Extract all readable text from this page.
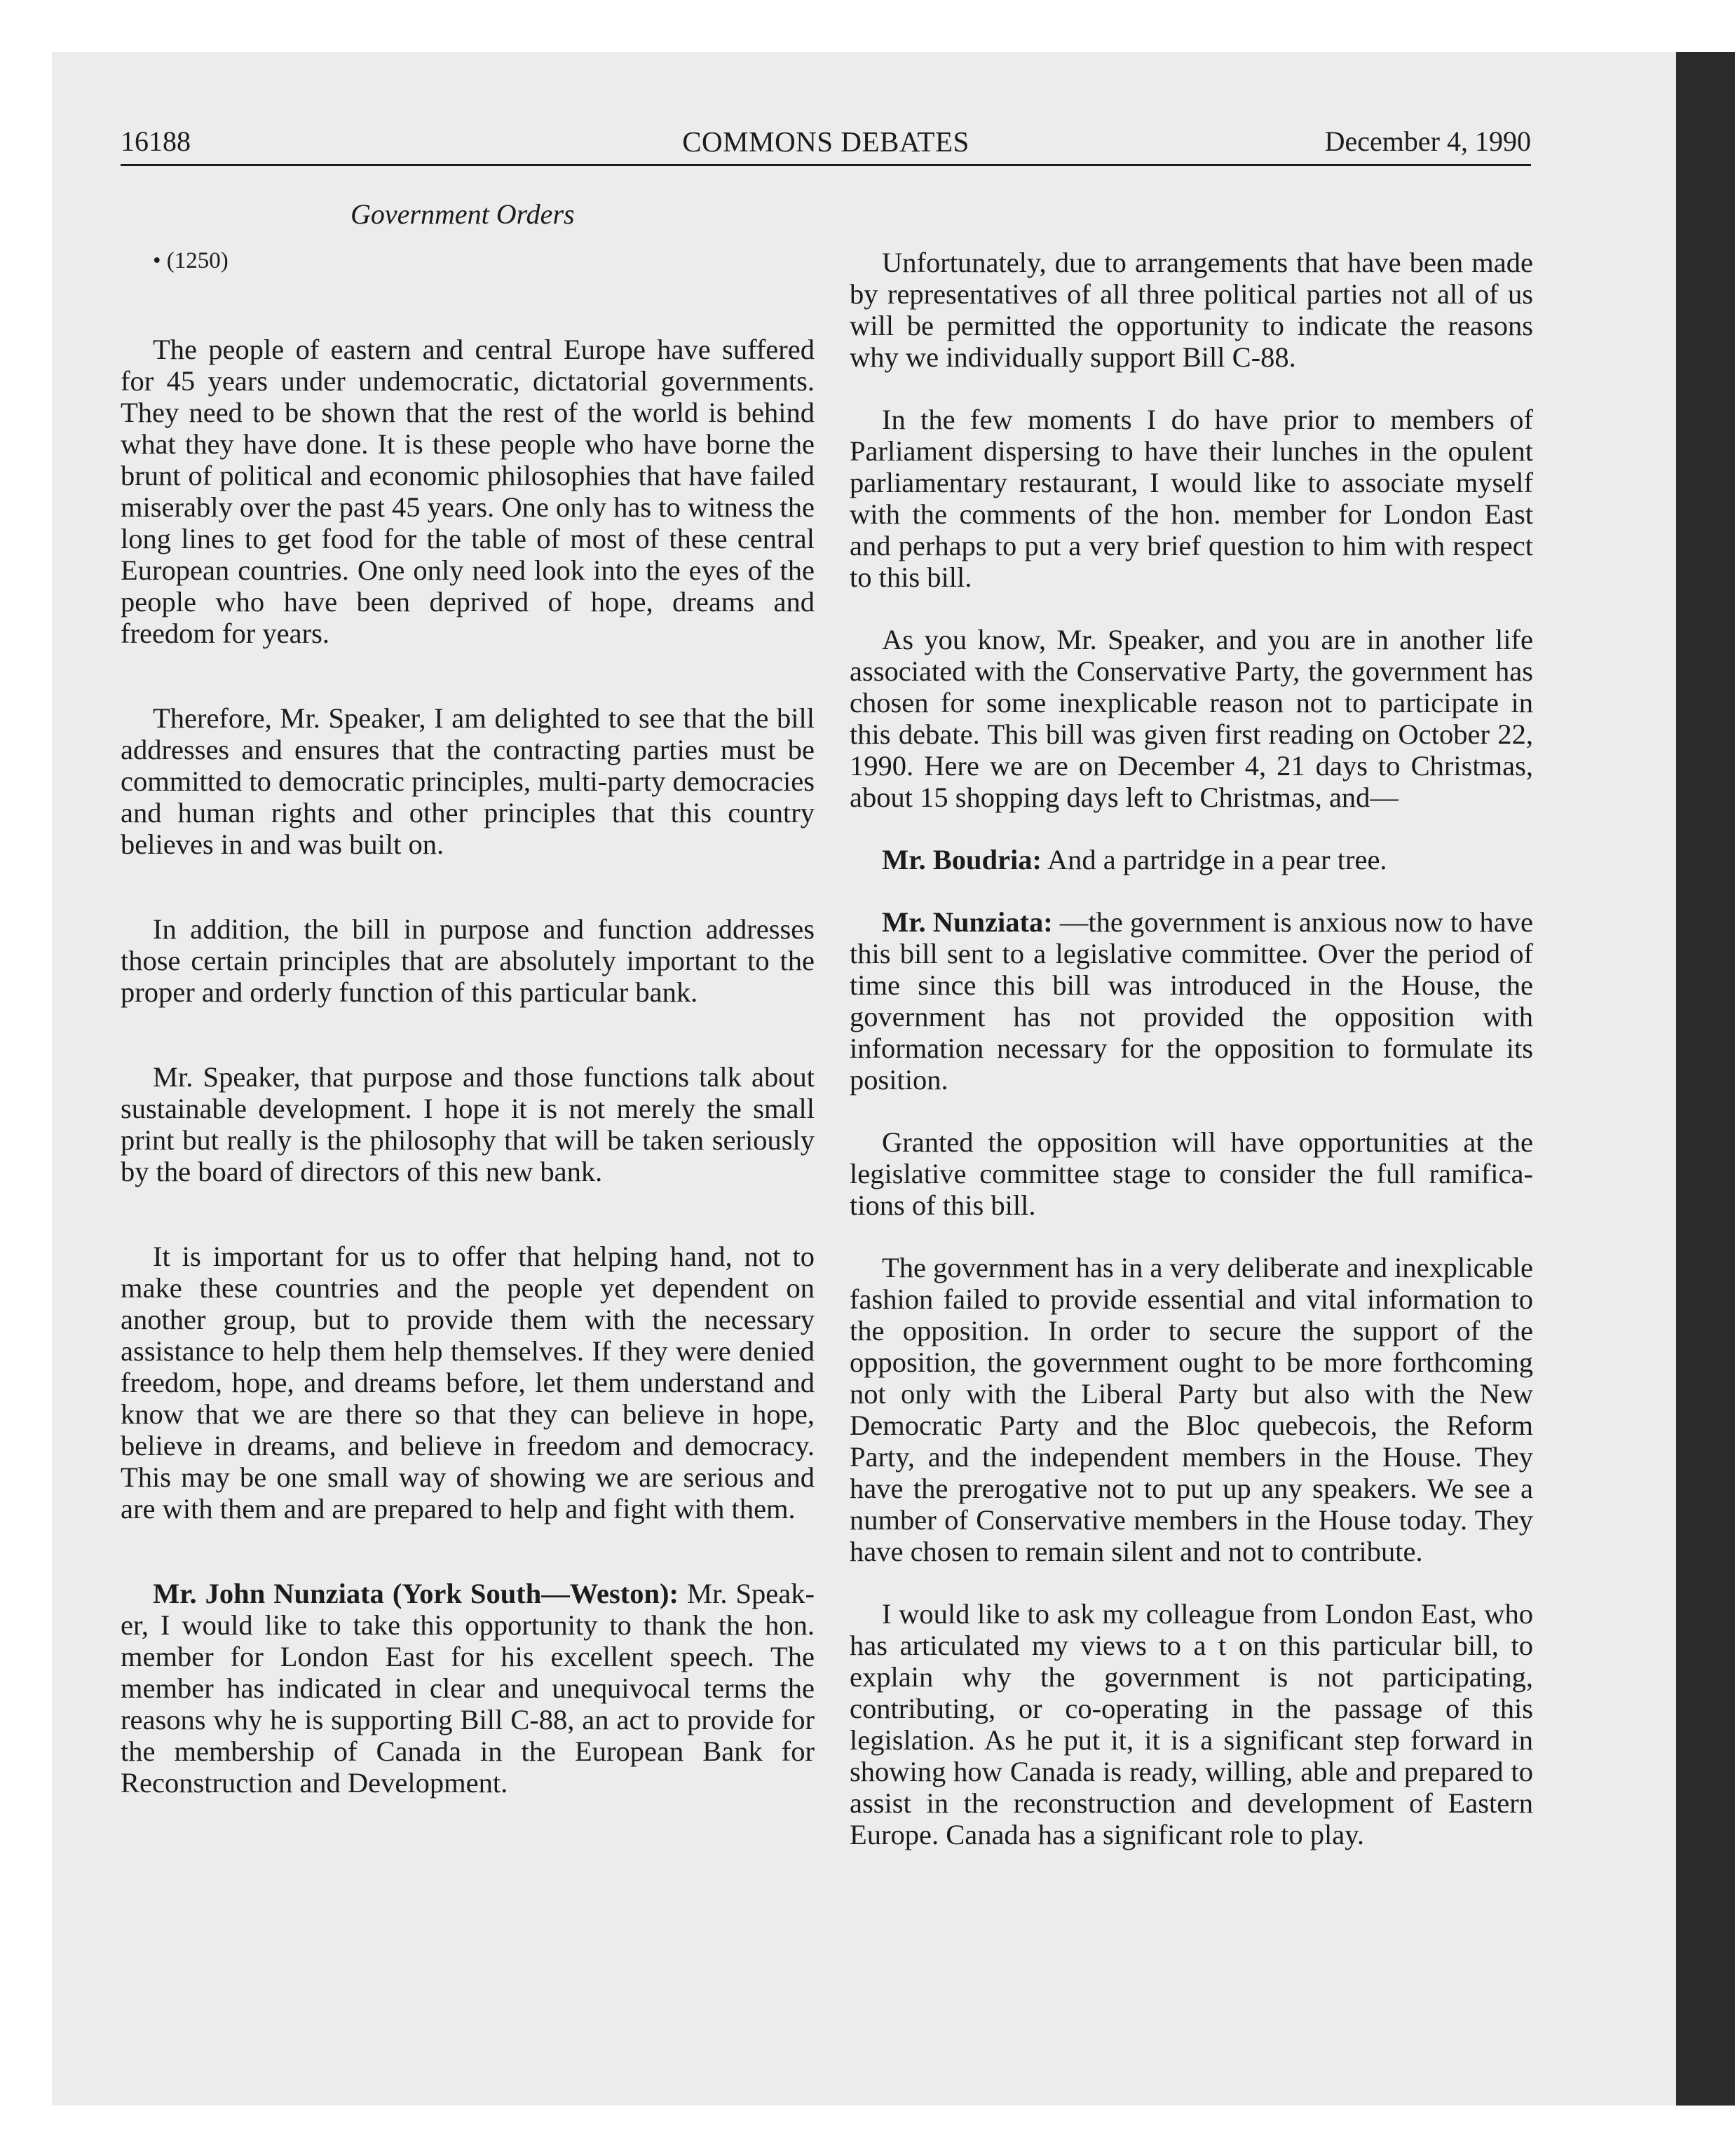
16188	COMMONS DEBATES	December 4, 1990
Government Orders

• (1250)

The people of eastern and central Europe have suffered for 45 years under undemocratic, dictatorial governments. They need to be shown that the rest of the world is behind what they have done. It is these people who have borne the brunt of political and economic philosophies that have failed miserably over the past 45 years. One only has to witness the long lines to get food for the table of most of these central European countries. One only need look into the eyes of the people who have been deprived of hope, dreams and freedom for years.

Therefore, Mr. Speaker, I am delighted to see that the bill addresses and ensures that the contracting parties must be committed to democratic principles, multi-party democracies and human rights and other principles that this country believes in and was built on.

In addition, the bill in purpose and function addresses those certain principles that are absolutely important to the proper and orderly function of this particular bank.

Mr. Speaker, that purpose and those functions talk about sustainable development. I hope it is not merely the small print but really is the philosophy that will be taken seriously by the board of directors of this new bank.

It is important for us to offer that helping hand, not to make these countries and the people yet dependent on another group, but to provide them with the necessary assistance to help them help themselves. If they were denied freedom, hope, and dreams before, let them understand and know that we are there so that they can believe in hope, believe in dreams, and believe in freedom and democracy. This may be one small way of showing we are serious and are with them and are prepared to help and fight with them.

Mr. John Nunziata (York South—Weston): Mr. Speaker, I would like to take this opportunity to thank the hon. member for London East for his excellent speech. The member has indicated in clear and unequivocal terms the reasons why he is supporting Bill C-88, an act to provide for the membership of Canada in the European Bank for Reconstruction and Development.

Unfortunately, due to arrangements that have been made by representatives of all three political parties not all of us will be permitted the opportunity to indicate the reasons why we individually support Bill C-88.

In the few moments I do have prior to members of Parliament dispersing to have their lunches in the opulent parliamentary restaurant, I would like to associate myself with the comments of the hon. member for London East and perhaps to put a very brief question to him with respect to this bill.

As you know, Mr. Speaker, and you are in another life associated with the Conservative Party, the government has chosen for some inexplicable reason not to participate in this debate. This bill was given first reading on October 22, 1990. Here we are on December 4, 21 days to Christmas, about 15 shopping days left to Christmas, and—

Mr. Boudria: And a partridge in a pear tree.

Mr. Nunziata: —the government is anxious now to have this bill sent to a legislative committee. Over the period of time since this bill was introduced in the House, the government has not provided the opposition with information necessary for the opposition to formulate its position.

Granted the opposition will have opportunities at the legislative committee stage to consider the full ramifications of this bill.

The government has in a very deliberate and inexplicable fashion failed to provide essential and vital information to the opposition. In order to secure the support of the opposition, the government ought to be more forthcoming not only with the Liberal Party but also with the New Democratic Party and the Bloc quebecois, the Reform Party, and the independent members in the House. They have the prerogative not to put up any speakers. We see a number of Conservative members in the House today. They have chosen to remain silent and not to contribute.

I would like to ask my colleague from London East, who has articulated my views to a t on this particular bill, to explain why the government is not participating, contributing, or co-operating in the passage of this legislation. As he put it, it is a significant step forward in showing how Canada is ready, willing, able and prepared to assist in the reconstruction and development of Eastern Europe. Canada has a significant role to play.
